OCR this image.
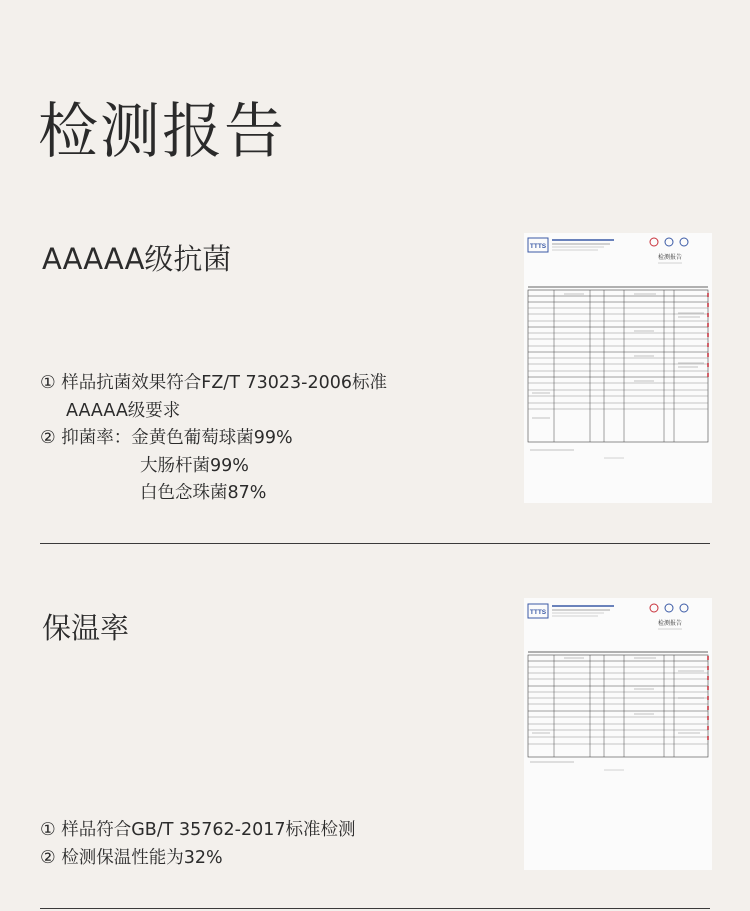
检测报告
AAAAA级抗菌
① 样品抗菌效果符合FZ/T 73023-2006标准
AAAAA级要求
② 抑菌率：金黄色葡萄球菌99%
大肠杆菌99%
白色念珠菌87%
TTTS
检测报告
保温率
① 样品符合GB/T 35762-2017标准检测
② 检测保温性能为32%
TTTS
检测报告
